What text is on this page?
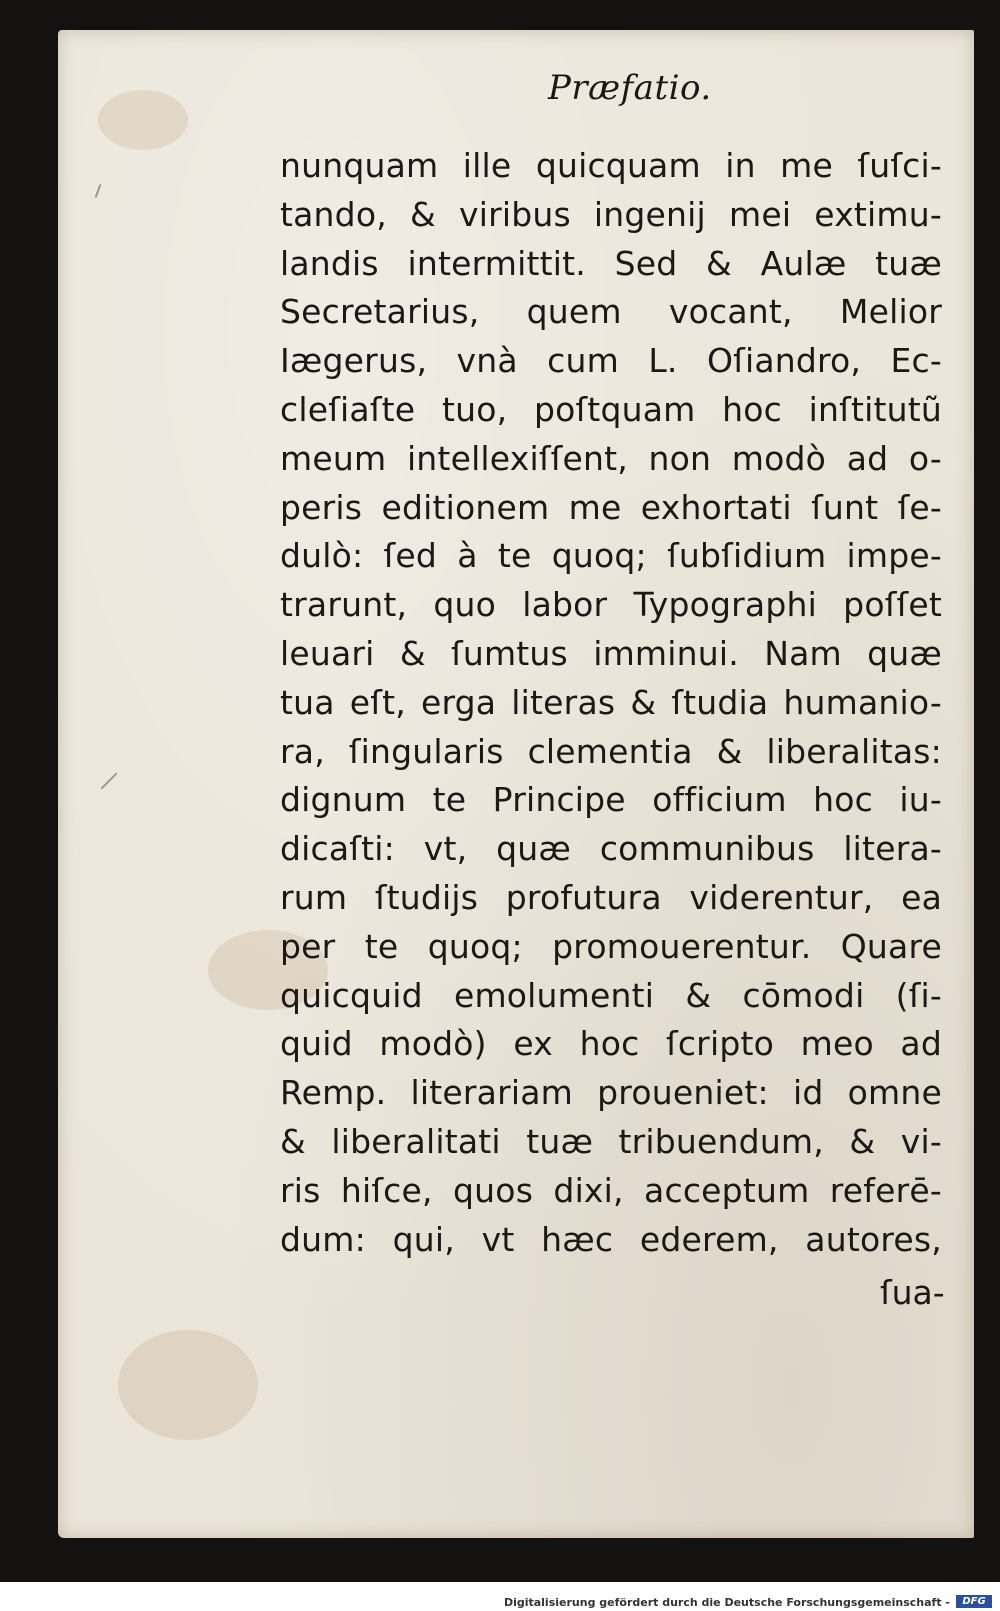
Præfatio.
nunquam ille quicquam in me ſuſci-
tando, & viribus ingenij mei extimu-
landis intermittit. Sed & Aulæ tuæ
Secretarius, quem vocant, Melior
Iægerus, vnà cum L. Oſiandro, Ec-
cleſiaſte tuo, poſtquam hoc inſtitutũ
meum intellexiſſent, non modò ad o-
peris editionem me exhortati ſunt ſe-
dulò: ſed à te quoq; ſubſidium impe-
trarunt, quo labor Typographi poſſet
leuari & ſumtus imminui. Nam quæ
tua eſt, erga literas & ſtudia humanio-
ra, ſingularis clementia & liberalitas:
dignum te Principe officium hoc iu-
dicaſti: vt, quæ communibus litera-
rum ſtudijs profutura viderentur, ea
per te quoq; promouerentur. Quare
quicquid emolumenti & cōmodi (ſi-
quid modò) ex hoc ſcripto meo ad
Remp. literariam proueniet: id omne
& liberalitati tuæ tribuendum, & vi-
ris hiſce, quos dixi, acceptum referē-
dum: qui, vt hæc ederem, autores,
ſua-
Digitalisierung gefördert durch die Deutsche Forschungsgemeinschaft -	DFG
